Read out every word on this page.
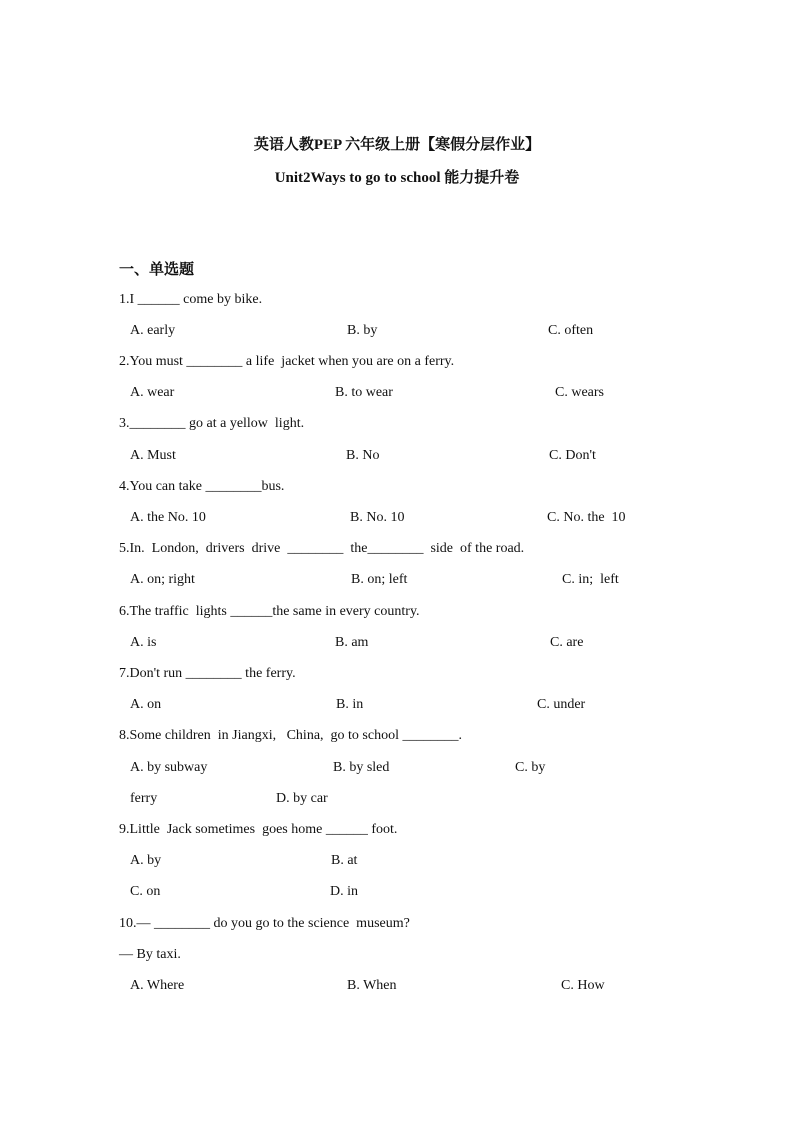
英语人教PEP 六年级上册【寒假分层作业】
Unit2Ways to go to school 能力提升卷
一、单选题
1.I ______ come by bike.
A. early	B. by	C. often
2.You must ________ a life  jacket when you are on a ferry.
A. wear	B. to wear	C. wears
3.________ go at a yellow  light.
A. Must	B. No	C. Don't
4.You can take ________bus.
A. the No. 10	B. No. 10	C. No. the  10
5.In.  London,  drivers  drive  ________  the________  side  of the road.
A. on; right	B. on; left	C. in;  left
6.The traffic  lights ______the same in every country.
A. is	B. am	C. are
7.Don't run ________ the ferry.
A. on	B. in	C. under
8.Some children  in Jiangxi,   China,  go to school ________.
A. by subway	B. by sled	C. by
ferry	D. by car
9.Little  Jack sometimes  goes home ______ foot.
A. by	B. at
C. on	D. in
10.— ________ do you go to the science  museum?
— By taxi.
A. Where	B. When	C. How
